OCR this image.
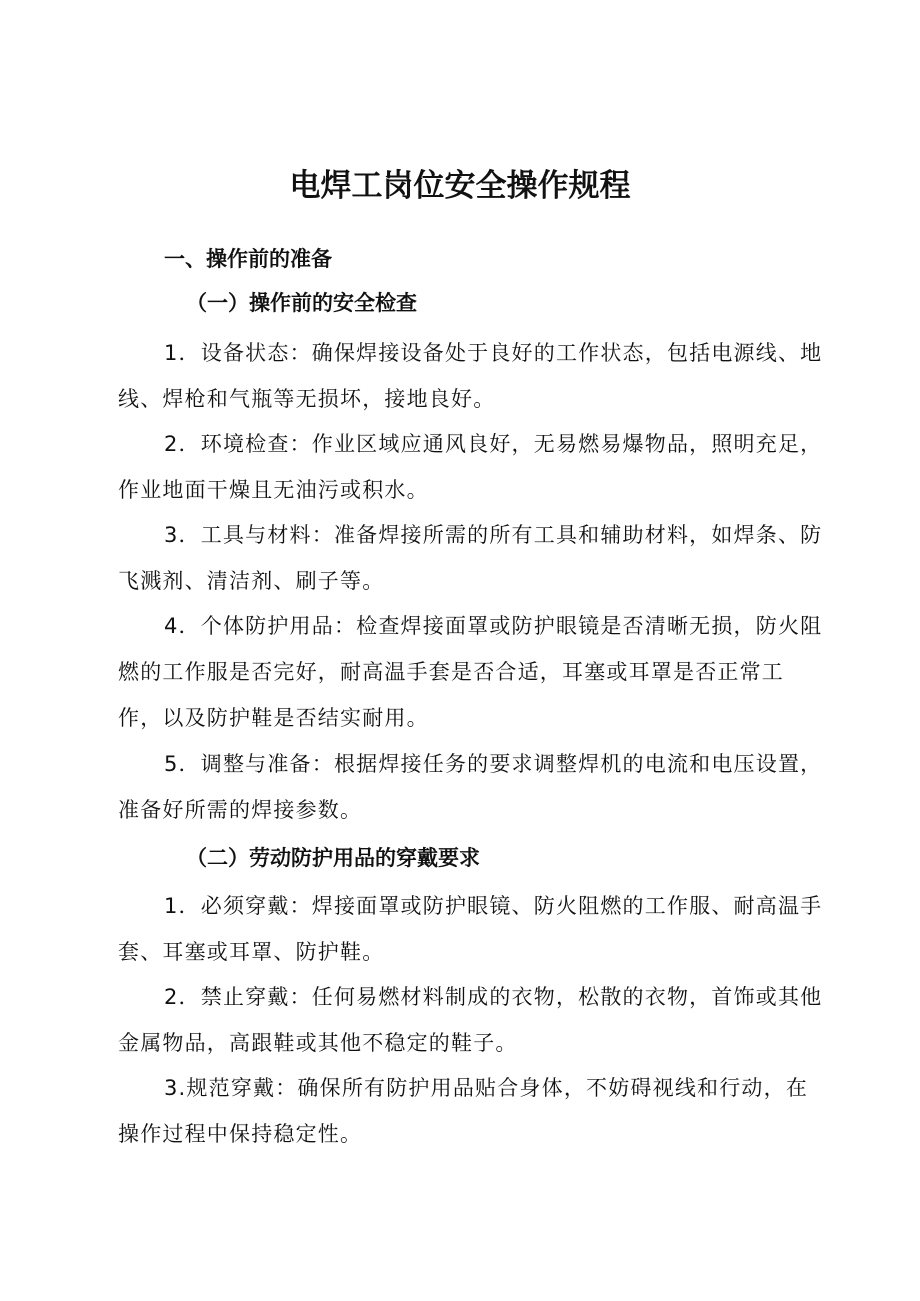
电焊工岗位安全操作规程
一、操作前的准备
（一）操作前的安全检查

1．设备状态：确保焊接设备处于良好的工作状态，包括电源线、地线、焊枪和气瓶等无损坏，接地良好。

2．环境检查：作业区域应通风良好，无易燃易爆物品，照明充足，作业地面干燥且无油污或积水。

3．工具与材料：准备焊接所需的所有工具和辅助材料，如焊条、防飞溅剂、清洁剂、刷子等。

4．个体防护用品：检查焊接面罩或防护眼镜是否清晰无损，防火阻燃的工作服是否完好，耐高温手套是否合适，耳塞或耳罩是否正常工作，以及防护鞋是否结实耐用。

5．调整与准备：根据焊接任务的要求调整焊机的电流和电压设置，准备好所需的焊接参数。

（二）劳动防护用品的穿戴要求

1．必须穿戴：焊接面罩或防护眼镜、防火阻燃的工作服、耐高温手套、耳塞或耳罩、防护鞋。

2．禁止穿戴：任何易燃材料制成的衣物，松散的衣物，首饰或其他金属物品，高跟鞋或其他不稳定的鞋子。

3.规范穿戴：确保所有防护用品贴合身体，不妨碍视线和行动，在操作过程中保持稳定性。
